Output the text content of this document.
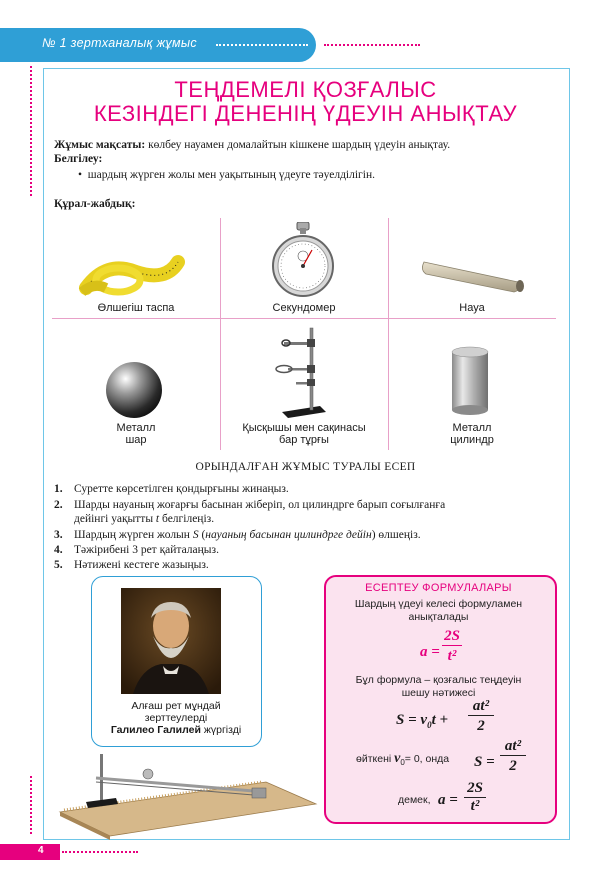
№ 1 зертханалық жұмыс
ТЕҢДЕМЕЛІ ҚОЗҒАЛЫС
КЕЗІНДЕГІ ДЕНЕНІҢ ҮДЕУІН АНЫҚТАУ
Жұмыс мақсаты: көлбеу науамен домалайтын кішкене шардың үдеуін анықтау.
Белгілеу:
• шардың жүрген жолы мен уақытының үдеуге тәуелділігін.
Құрал-жабдық:
Өлшегіш таспа	Секундомер	Науа
Металл
шар
Қысқышы мен сақинасы
бар тұрғы
Металл
цилиндр
ОРЫНДАЛҒАН ЖҰМЫС ТУРАЛЫ ЕСЕП
1. Суретте көрсетілген қондырғыны жинаңыз.
2. Шарды науаның жоғарғы басынан жіберіп, ол цилиндрге барып соғылғанға
дейінгі уақытты t белгілеңіз.
3. Шардың жүрген жолын S (науаның басынан цилиндрге дейін) өлшеңіз.
4. Тәжірибені 3 рет қайталаңыз.
5. Нәтижені кестеге жазыңыз.
Алғаш рет мұндай
зерттеулерді
Галилео Галилей жүргізді
ЕСЕПТЕУ ФОРМУЛАЛАРЫ
Шардың үдеуі келесі формуламен
анықталады
a =
2S
t²
Бұл формула – қозғалыс теңдеуін
шешу нәтижесі
$S = v_0t$ +
at²
2
өйткені $v_0= 0$, онда S =
at²
2
демек, a =
2S
t²
4
